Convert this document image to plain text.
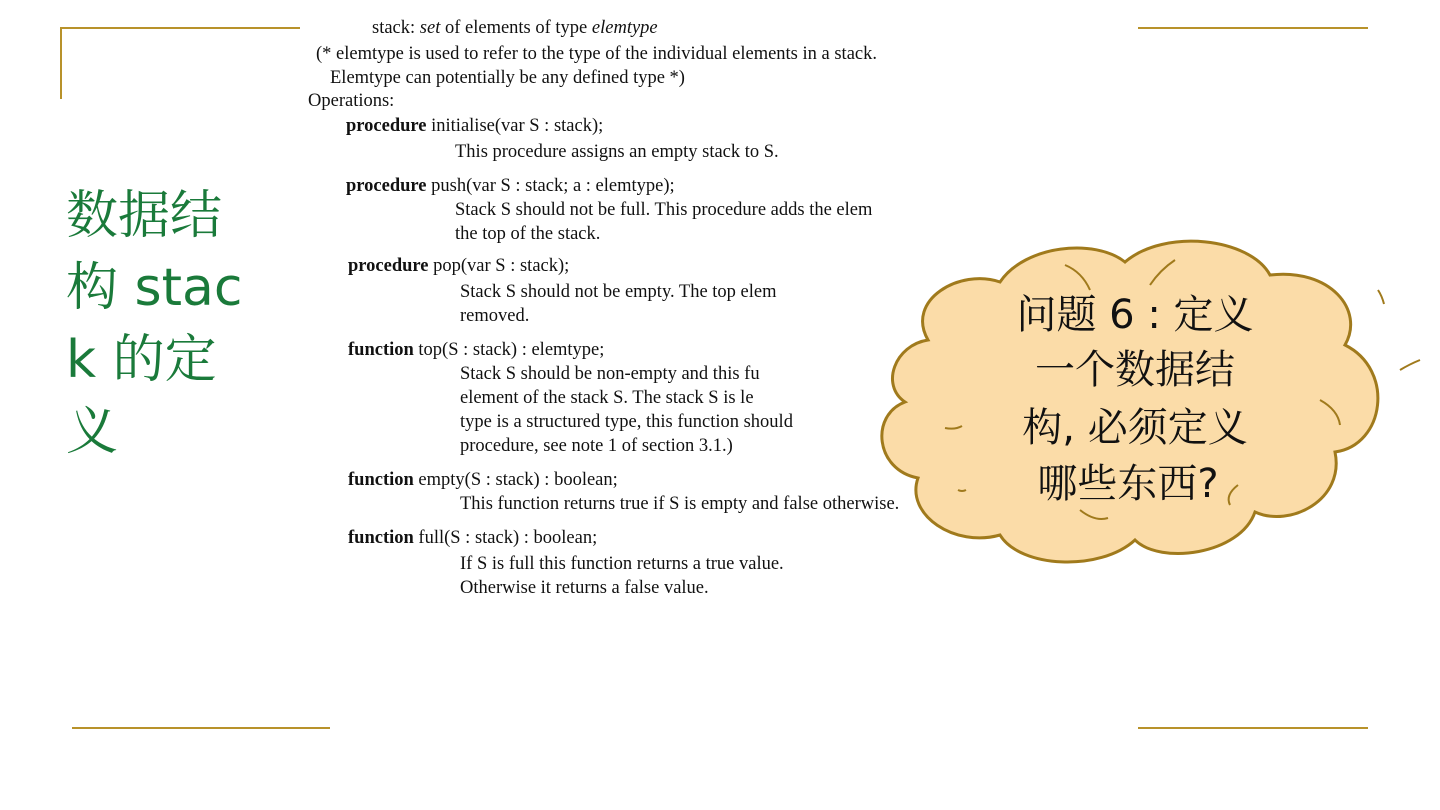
数据结
构 stac
k 的定
义
stack: set of elements of type elemtype
(* elemtype is used to refer to the type of the individual elements in a stack.
Elemtype can potentially be any defined type *)
Operations:
procedure initialise(var S : stack);
This procedure assigns an empty stack to S.
procedure push(var S : stack; a : elemtype);
Stack S should not be full. This procedure adds the elem
the top of the stack.
procedure pop(var S : stack);
Stack S should not be empty. The top elem
removed.
function top(S : stack) : elemtype;
Stack S should be non-empty and this fu
element of the stack S. The stack S is le
type is a structured type, this function should
procedure, see note 1 of section 3.1.)
function empty(S : stack) : boolean;
This function returns true if S is empty and false otherwise.
function full(S : stack) : boolean;
If S is full this function returns a true value.
Otherwise it returns a false value.
问题 6 : 定义
一个数据结
构, 必须定义
哪些东西?
